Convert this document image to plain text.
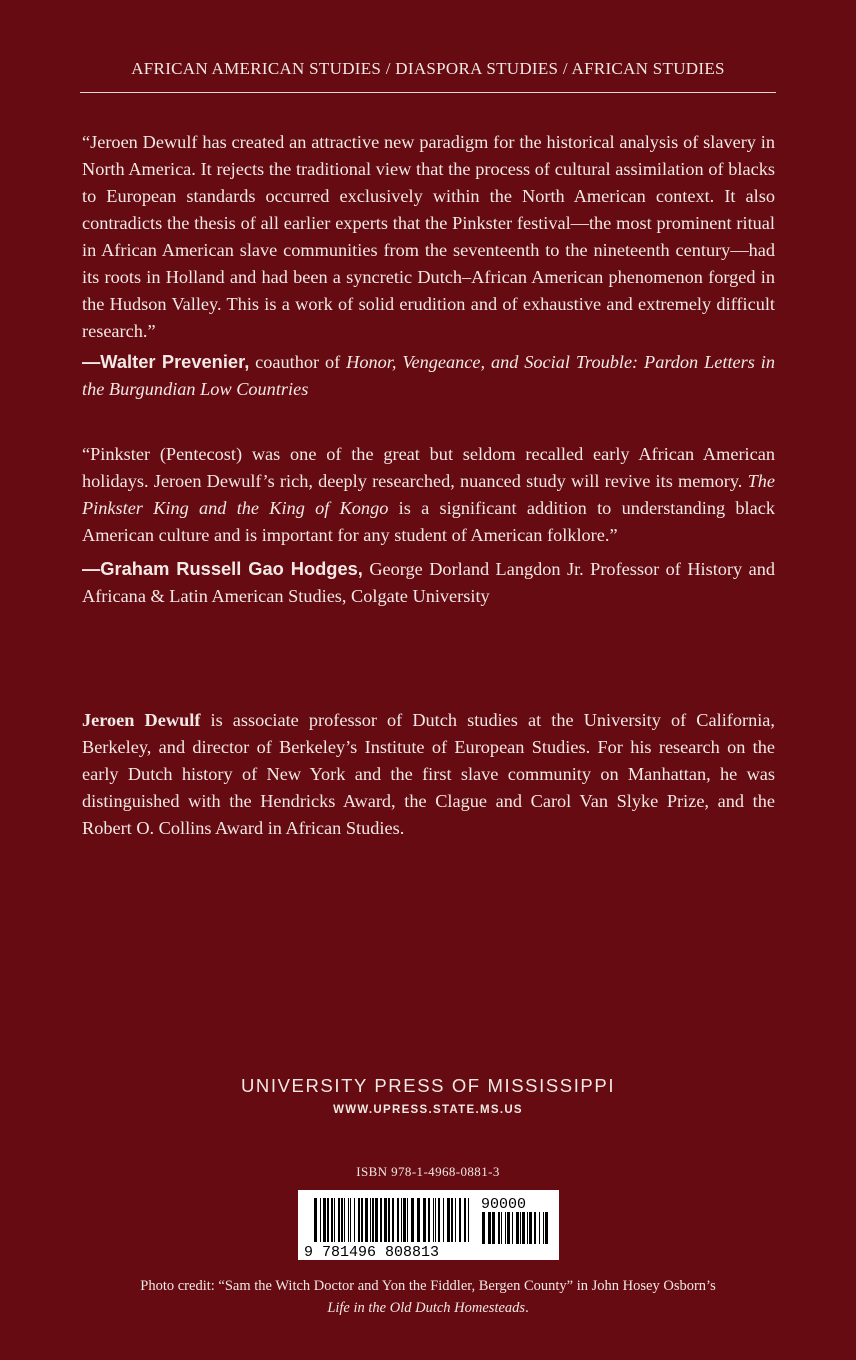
AFRICAN AMERICAN STUDIES / DIASPORA STUDIES / AFRICAN STUDIES
“Jeroen Dewulf has created an attractive new paradigm for the historical analysis of slavery in North America. It rejects the traditional view that the process of cultural assimilation of blacks to European standards occurred exclusively within the North American context. It also contradicts the thesis of all earlier experts that the Pinkster festival—the most prominent ritual in African American slave communities from the seventeenth to the nineteenth century—had its roots in Holland and had been a syncretic Dutch–African American phenomenon forged in the Hudson Valley. This is a work of solid erudition and of exhaustive and extremely difficult research.”
—Walter Prevenier, coauthor of Honor, Vengeance, and Social Trouble: Pardon Letters in the Burgundian Low Countries
“Pinkster (Pentecost) was one of the great but seldom recalled early African American holidays. Jeroen Dewulf’s rich, deeply researched, nuanced study will revive its memory. The Pinkster King and the King of Kongo is a significant addition to understanding black American culture and is important for any student of American folklore.”
—Graham Russell Gao Hodges, George Dorland Langdon Jr. Professor of History and Africana & Latin American Studies, Colgate University
Jeroen Dewulf is associate professor of Dutch studies at the University of California, Berkeley, and director of Berkeley’s Institute of European Studies. For his research on the early Dutch history of New York and the first slave community on Manhattan, he was distinguished with the Hendricks Award, the Clague and Carol Van Slyke Prize, and the Robert O. Collins Award in African Studies.
UNIVERSITY PRESS OF MISSISSIPPI
WWW.UPRESS.STATE.MS.US
ISBN 978-1-4968-0881-3
9 781496 808813
90000
Photo credit: “Sam the Witch Doctor and Yon the Fiddler, Bergen County” in John Hosey Osborn’s Life in the Old Dutch Homesteads.
